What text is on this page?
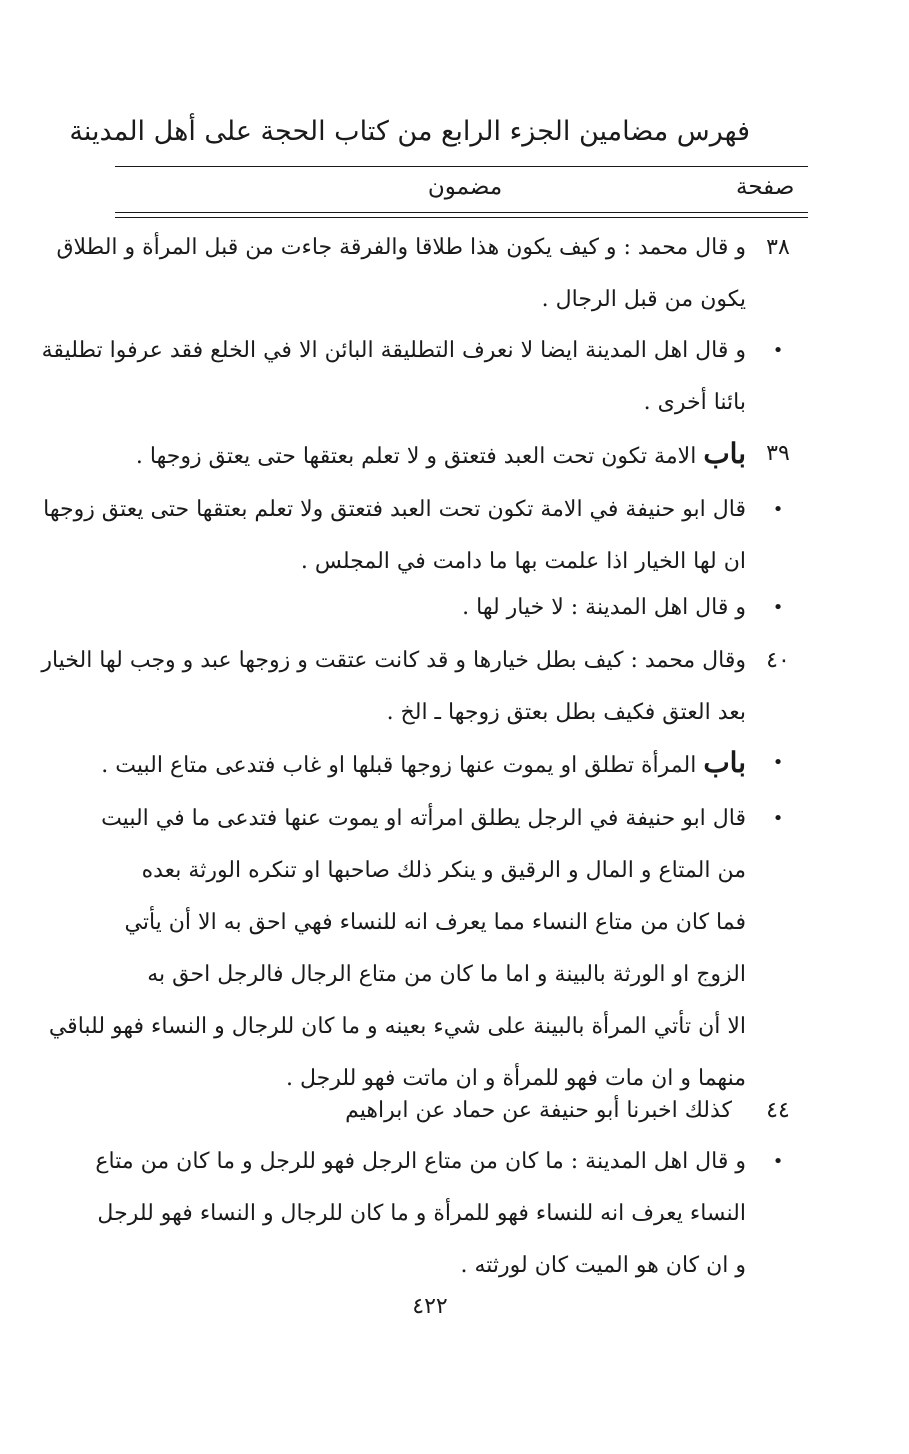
فهرس مضامين الجزء الرابع من كتاب الحجة على أهل المدينة
صفحة
مضمون
٣٨
و قال محمد : و كيف يكون هذا طلاقا والفرقة جاءت من قبل المرأة و الطلاق
يكون من قبل الرجال .
•
و قال اهل المدينة ايضا لا نعرف التطليقة البائن الا في الخلع فقد عرفوا تطليقة
بائنا أخرى .
٣٩
باب الامة تكون تحت العبد فتعتق و لا تعلم بعتقها حتى يعتق زوجها .
•
قال ابو حنيفة في الامة تكون تحت العبد فتعتق ولا تعلم بعتقها حتى يعتق زوجها
ان لها الخيار اذا علمت بها ما دامت في المجلس .
•
و قال اهل المدينة : لا خيار لها .
٤٠
وقال محمد : كيف بطل خيارها و قد كانت عتقت و زوجها عبد و وجب لها الخيار
بعد العتق فكيف بطل بعتق زوجها ـ الخ .
•
باب المرأة تطلق او يموت عنها زوجها قبلها او غاب فتدعى متاع البيت .
•
قال ابو حنيفة في الرجل يطلق امرأته او يموت عنها فتدعى ما في البيت
من المتاع و المال و الرقيق و ينكر ذلك صاحبها او تنكره الورثة بعده
فما كان من متاع النساء مما يعرف انه للنساء فهي احق به الا أن يأتي
الزوج او الورثة بالبينة و اما ما كان من متاع الرجال فالرجل احق به
الا أن تأتي المرأة بالبينة على شيء بعينه و ما كان للرجال و النساء فهو للباقي
منهما و ان مات فهو للمرأة و ان ماتت فهو للرجل .
٤٤
كذلك اخبرنا أبو حنيفة عن حماد عن ابراهيم
•
و قال اهل المدينة : ما كان من متاع الرجل فهو للرجل و ما كان من متاع
النساء يعرف انه للنساء فهو للمرأة و ما كان للرجال و النساء فهو للرجل
و ان كان هو الميت كان لورثته .
٤٢٢
